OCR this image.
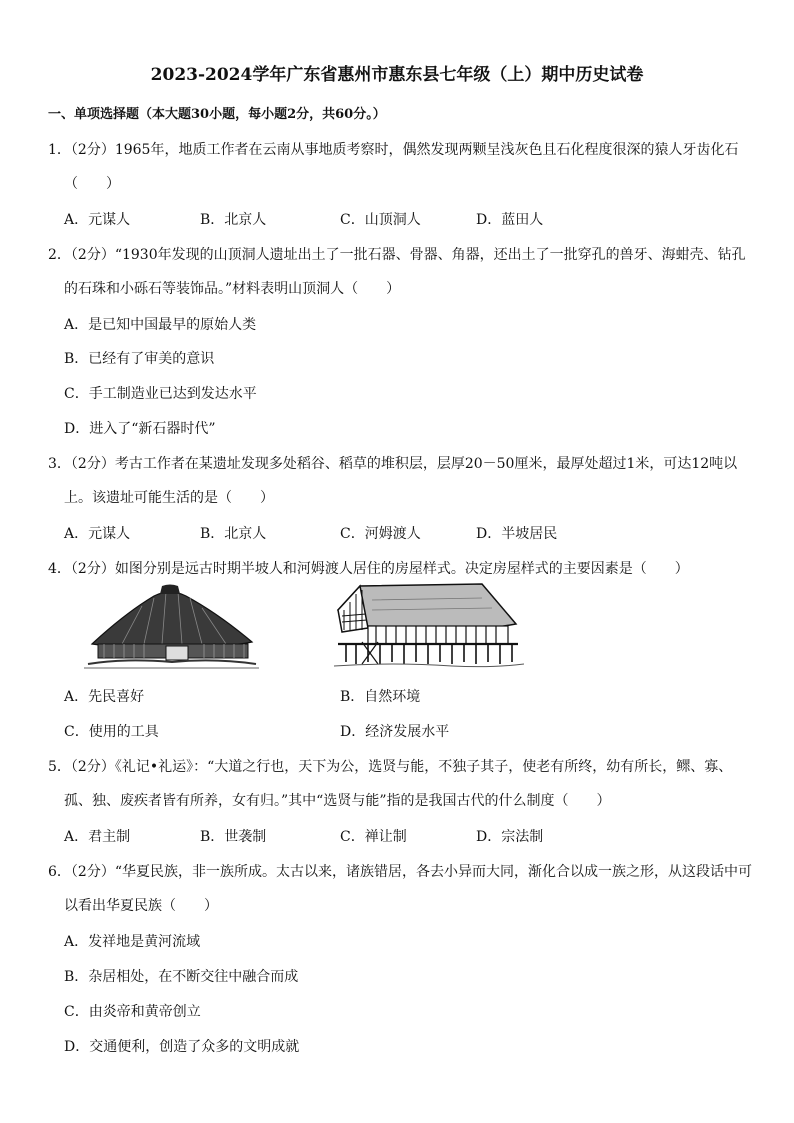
2023-2024学年广东省惠州市惠东县七年级（上）期中历史试卷
一、单项选择题（本大题30小题，每小题2分，共60分。）
1．（2分）1965年，地质工作者在云南从事地质考察时，偶然发现两颗呈浅灰色且石化程度很深的猿人牙齿化石
（　　）
A．元谋人	B．北京人	C．山顶洞人	D．蓝田人
2．（2分）“1930年发现的山顶洞人遗址出土了一批石器、骨器、角器，还出土了一批穿孔的兽牙、海蚶壳、钻孔
的石珠和小砾石等装饰品。”材料表明山顶洞人（　　）
A．是已知中国最早的原始人类
B．已经有了审美的意识
C．手工制造业已达到发达水平
D．进入了“新石器时代”
3．（2分）考古工作者在某遗址发现多处稻谷、稻草的堆积层，层厚20－50厘米，最厚处超过1米，可达12吨以
上。该遗址可能生活的是（　　）
A．元谋人	B．北京人	C．河姆渡人	D．半坡居民
4．（2分）如图分别是远古时期半坡人和河姆渡人居住的房屋样式。决定房屋样式的主要因素是（　　）
A．先民喜好	B．自然环境
C．使用的工具	D．经济发展水平
5．（2分）《礼记•礼运》：“大道之行也，天下为公，选贤与能，不独子其子，使老有所终，幼有所长，鳏、寡、
孤、独、废疾者皆有所养，女有归。”其中“选贤与能”指的是我国古代的什么制度（　　）
A．君主制	B．世袭制	C．禅让制	D．宗法制
6．（2分）“华夏民族，非一族所成。太古以来，诸族错居，各去小异而大同，渐化合以成一族之形，从这段话中可
以看出华夏民族（　　）
A．发祥地是黄河流域
B．杂居相处，在不断交往中融合而成
C．由炎帝和黄帝创立
D．交通便利，创造了众多的文明成就
